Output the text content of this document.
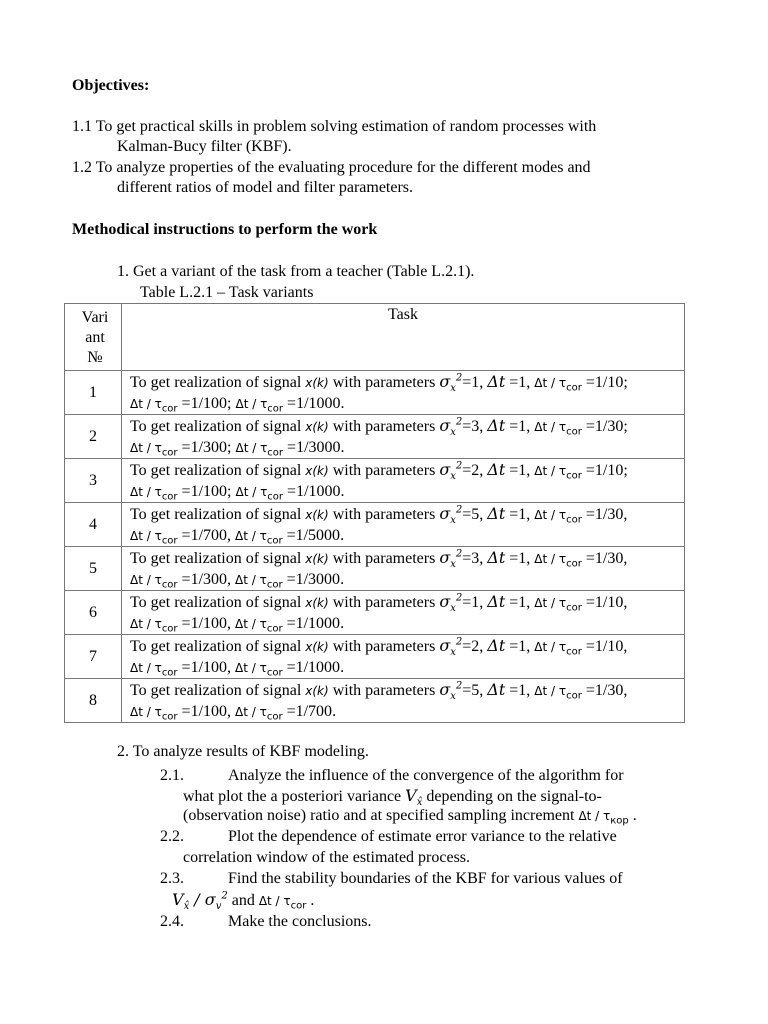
Objectives:
1.1 To get practical skills in problem solving estimation of random processes with
Kalman-Bucy filter (KBF).
1.2 To analyze properties of the evaluating procedure for the different modes and
different ratios of model and filter parameters.
Methodical instructions to perform the work
1. Get a variant of the task from a teacher (Table L.2.1).
Table L.2.1 – Task variants
Vari
ant
№	Task
1	To get realization of signal x(k) with parameters $\sigma_x^2=1$, Δt =1, $\Delta t / \tau_{cor} =1/10$;
$\Delta t / \tau_{cor} =1/100$; $\Delta t / \tau_{cor} =1/1000$.

2	To get realization of signal x(k) with parameters $\sigma_x^2=3$, Δt =1, $\Delta t / \tau_{cor} =1/30$;
$\Delta t / \tau_{cor} =1/300$; $\Delta t / \tau_{cor} =1/3000$.

3	To get realization of signal x(k) with parameters $\sigma_x^2=2$, Δt =1, $\Delta t / \tau_{cor} =1/10$;
$\Delta t / \tau_{cor} =1/100$; $\Delta t / \tau_{cor} =1/1000$.

4	To get realization of signal x(k) with parameters $\sigma_x^2=5$, Δt =1, $\Delta t / \tau_{cor} =1/30$,
$\Delta t / \tau_{cor} =1/700$, $\Delta t / \tau_{cor} =1/5000$.

5	To get realization of signal x(k) with parameters $\sigma_x^2=3$, Δt =1, $\Delta t / \tau_{cor} =1/30$,
$\Delta t / \tau_{cor} =1/300$, $\Delta t / \tau_{cor} =1/3000$.

6	To get realization of signal x(k) with parameters $\sigma_x^2=1$, Δt =1, $\Delta t / \tau_{cor} =1/10$,
$\Delta t / \tau_{cor} =1/100$, $\Delta t / \tau_{cor} =1/1000$.

7	To get realization of signal x(k) with parameters $\sigma_x^2=2$, Δt =1, $\Delta t / \tau_{cor} =1/10$,
$\Delta t / \tau_{cor} =1/100$, $\Delta t / \tau_{cor} =1/1000$.

8	To get realization of signal x(k) with parameters $\sigma_x^2=5$, Δt =1, $\Delta t / \tau_{cor} =1/30$,
$\Delta t / \tau_{cor} =1/100$, $\Delta t / \tau_{cor} =1/700$.
2. To analyze results of KBF modeling.
2.1.	Analyze the influence of the convergence of the algorithm for
what plot the a posteriori variance $V_{x̂}$ depending on the signal-to-
(observation noise) ratio and at specified sampling increment Δt / $\tau_{кор}$ .
2.2.	Plot the dependence of estimate error variance to the relative
correlation window of the estimated process.
2.3.	Find the stability boundaries of the KBF for various values of
$V_{x̂} / \sigma_v^2$ and Δt / $\tau_{cor}$ .
2.4.	Make the conclusions.
